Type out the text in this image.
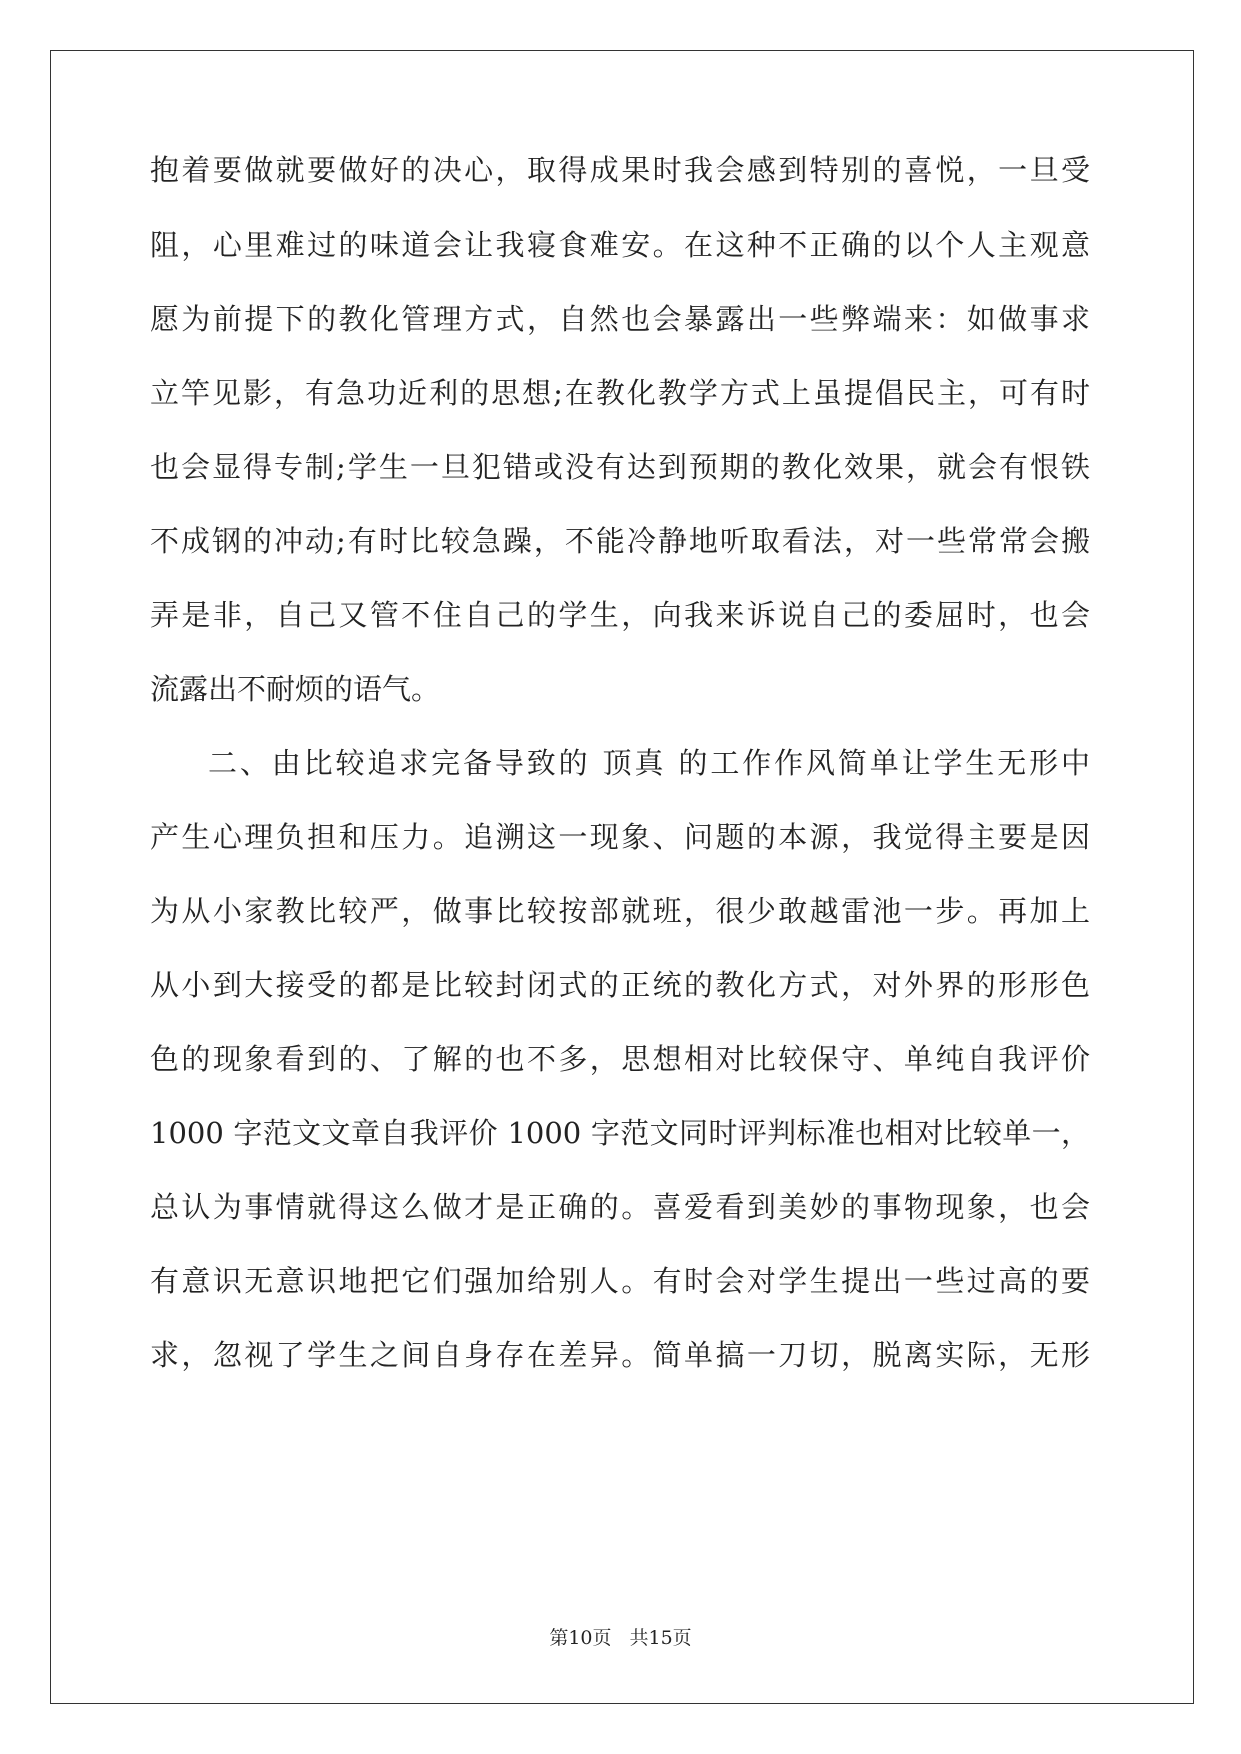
抱着要做就要做好的决心，取得成果时我会感到特别的喜悦，一旦受
阻，心里难过的味道会让我寝食难安。在这种不正确的以个人主观意
愿为前提下的教化管理方式，自然也会暴露出一些弊端来：如做事求
立竿见影，有急功近利的思想;在教化教学方式上虽提倡民主，可有时
也会显得专制;学生一旦犯错或没有达到预期的教化效果，就会有恨铁
不成钢的冲动;有时比较急躁，不能冷静地听取看法，对一些常常会搬
弄是非，自己又管不住自己的学生，向我来诉说自己的委屈时，也会
流露出不耐烦的语气。
二、由比较追求完备导致的 顶真 的工作作风简单让学生无形中
产生心理负担和压力。追溯这一现象、问题的本源，我觉得主要是因
为从小家教比较严，做事比较按部就班，很少敢越雷池一步。再加上
从小到大接受的都是比较封闭式的正统的教化方式，对外界的形形色
色的现象看到的、了解的也不多，思想相对比较保守、单纯自我评价
1000 字范文文章自我评价 1000 字范文同时评判标准也相对比较单一，
总认为事情就得这么做才是正确的。喜爱看到美妙的事物现象，也会
有意识无意识地把它们强加给别人。有时会对学生提出一些过高的要
求，忽视了学生之间自身存在差异。简单搞一刀切，脱离实际，无形
第10页 共15页
